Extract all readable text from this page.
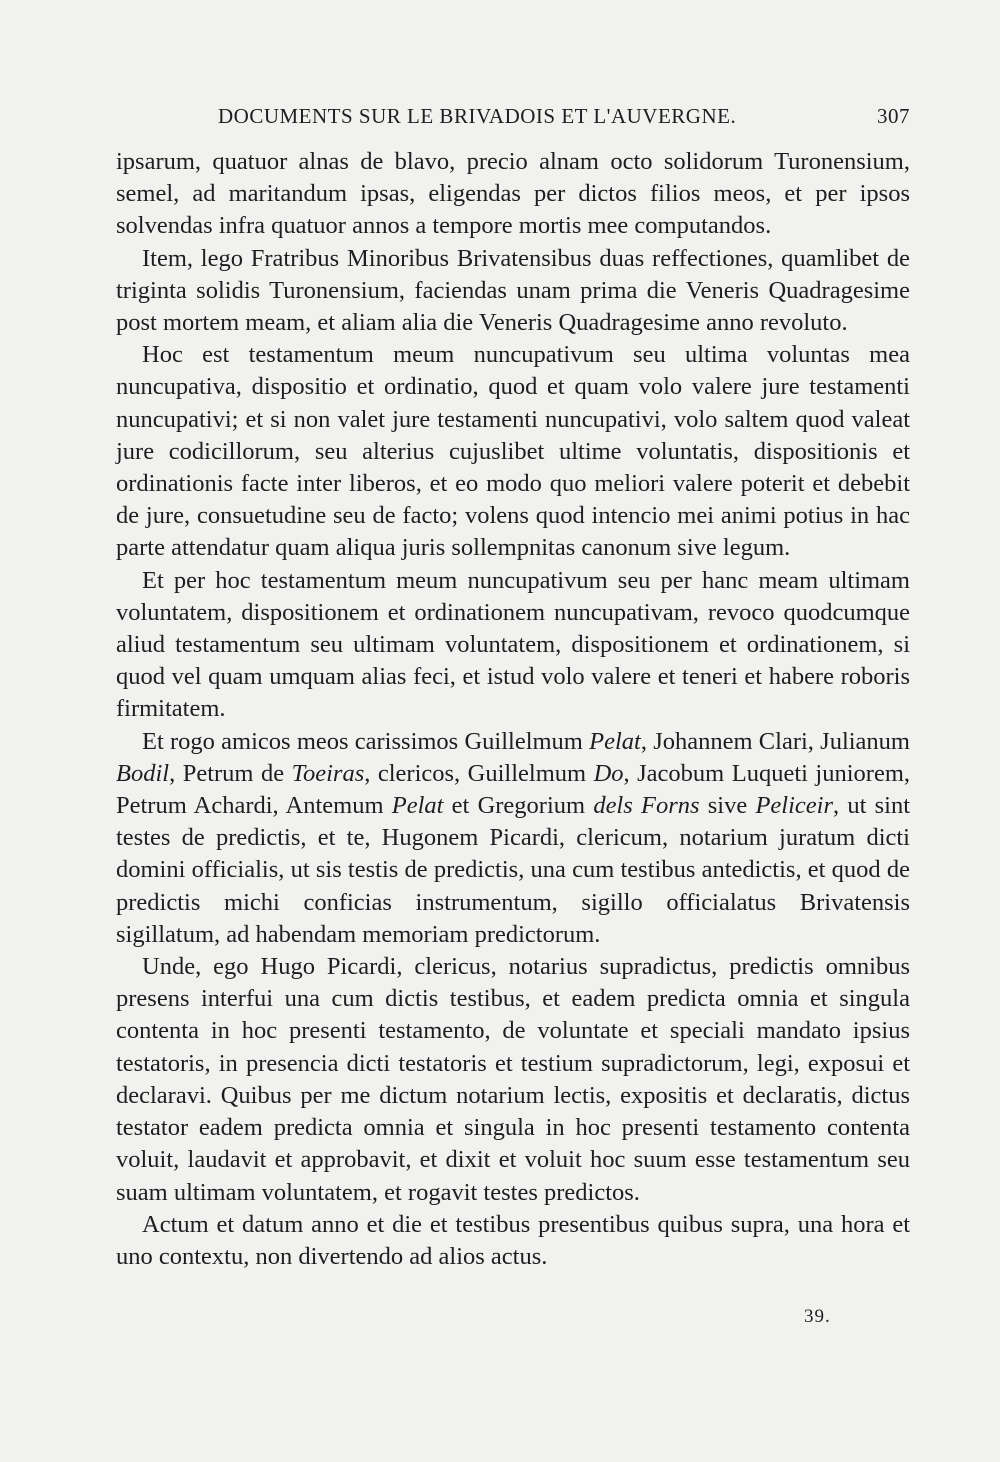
DOCUMENTS SUR LE BRIVADOIS ET L'AUVERGNE.	307

ipsarum, quatuor alnas de blavo, precio alnam octo solidorum Turonensium, semel, ad maritandum ipsas, eligendas per dictos filios meos, et per ipsos solvendas infra quatuor annos a tempore mortis mee computandos.

Item, lego Fratribus Minoribus Brivatensibus duas reffectiones, quamlibet de triginta solidis Turonensium, faciendas unam prima die Veneris Quadragesime post mortem meam, et aliam alia die Veneris Quadragesime anno revoluto.

Hoc est testamentum meum nuncupativum seu ultima voluntas mea nuncupativa, dispositio et ordinatio, quod et quam volo valere jure testamenti nuncupativi; et si non valet jure testamenti nuncupativi, volo saltem quod valeat jure codicillorum, seu alterius cujuslibet ultime voluntatis, dispositionis et ordinationis facte inter liberos, et eo modo quo meliori valere poterit et debebit de jure, consuetudine seu de facto; volens quod intencio mei animi potius in hac parte attendatur quam aliqua juris sollempnitas canonum sive legum.

Et per hoc testamentum meum nuncupativum seu per hanc meam ultimam voluntatem, dispositionem et ordinationem nuncupativam, revoco quodcumque aliud testamentum seu ultimam voluntatem, dispositionem et ordinationem, si quod vel quam umquam alias feci, et istud volo valere et teneri et habere roboris firmitatem.

Et rogo amicos meos carissimos Guillelmum Pelat, Johannem Clari, Julianum Bodil, Petrum de Toeiras, clericos, Guillelmum Do, Jacobum Luqueti juniorem, Petrum Achardi, Antemum Pelat et Gregorium dels Forns sive Peliceir, ut sint testes de predictis, et te, Hugonem Picardi, clericum, notarium juratum dicti domini officialis, ut sis testis de predictis, una cum testibus antedictis, et quod de predictis michi conficias instrumentum, sigillo officialatus Brivatensis sigillatum, ad habendam memoriam predictorum.

Unde, ego Hugo Picardi, clericus, notarius supradictus, predictis omnibus presens interfui una cum dictis testibus, et eadem predicta omnia et singula contenta in hoc presenti testamento, de voluntate et speciali mandato ipsius testatoris, in presencia dicti testatoris et testium supradictorum, legi, exposui et declaravi. Quibus per me dictum notarium lectis, expositis et declaratis, dictus testator eadem predicta omnia et singula in hoc presenti testamento contenta voluit, laudavit et approbavit, et dixit et voluit hoc suum esse testamentum seu suam ultimam voluntatem, et rogavit testes predictos.

Actum et datum anno et die et testibus presentibus quibus supra, una hora et uno contextu, non divertendo ad alios actus.

39.
